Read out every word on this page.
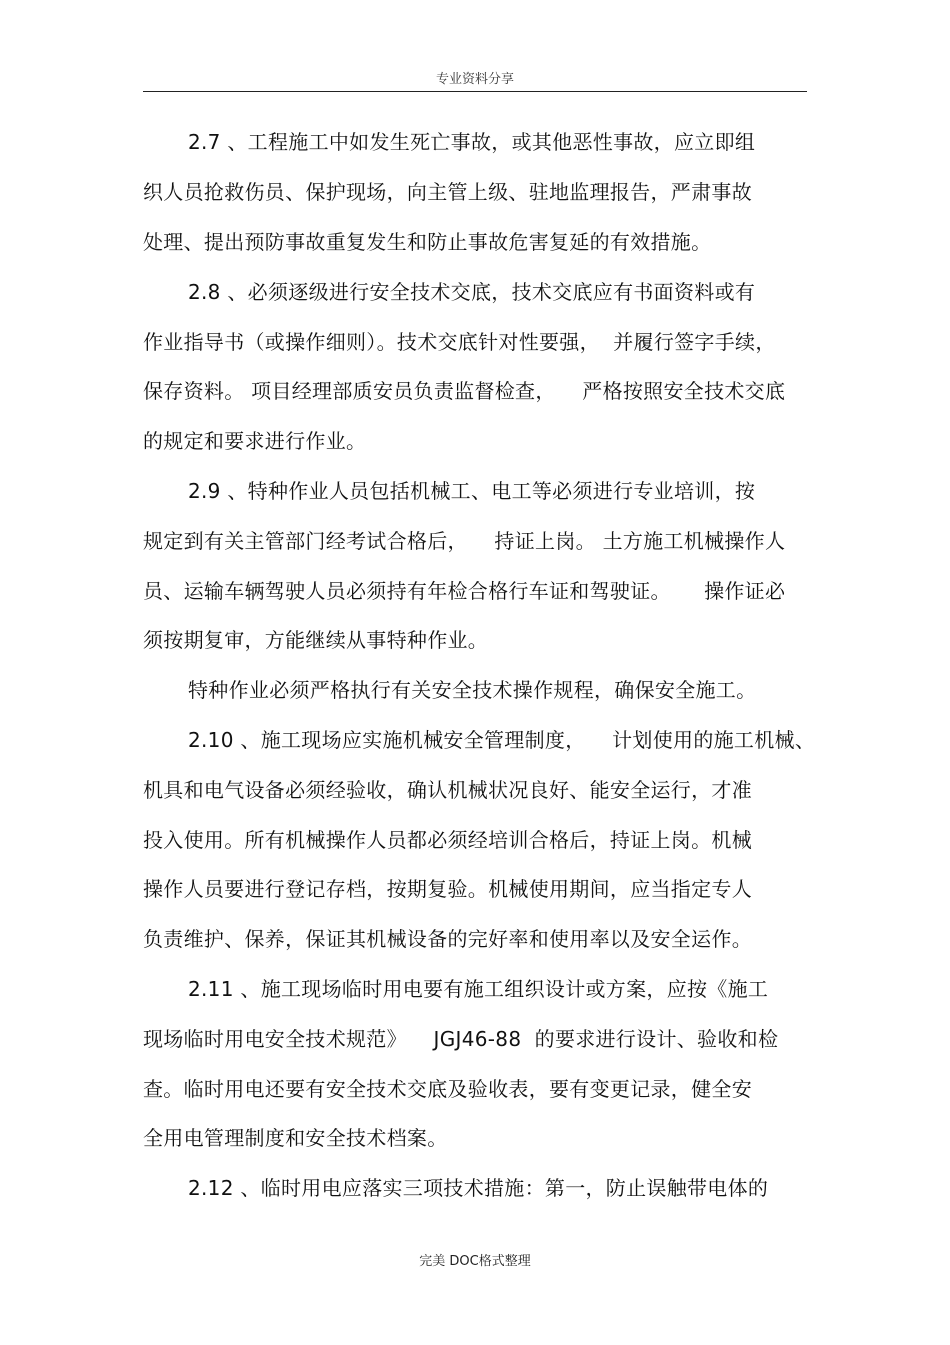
专业资料分享
2.7 、工程施工中如发生死亡事故，或其他恶性事故，应立即组
织人员抢救伤员、保护现场，向主管上级、驻地监理报告，严肃事故
处理、提出预防事故重复发生和防止事故危害复延的有效措施。
2.8 、必须逐级进行安全技术交底，技术交底应有书面资料或有
作业指导书（或操作细则）。技术交底针对性要强，  并履行签字手续，
保存资料。 项目经理部质安员负责监督检查，    严格按照安全技术交底
的规定和要求进行作业。
2.9 、特种作业人员包括机械工、电工等必须进行专业培训，按
规定到有关主管部门经考试合格后，    持证上岗。 土方施工机械操作人
员、运输车辆驾驶人员必须持有年检合格行车证和驾驶证。     操作证必
须按期复审，方能继续从事特种作业。
特种作业必须严格执行有关安全技术操作规程，确保安全施工。
2.10 、施工现场应实施机械安全管理制度，    计划使用的施工机械、
机具和电气设备必须经验收，确认机械状况良好、能安全运行，才准
投入使用。所有机械操作人员都必须经培训合格后，持证上岗。机械
操作人员要进行登记存档，按期复验。机械使用期间，应当指定专人
负责维护、保养，保证其机械设备的完好率和使用率以及安全运作。
2.11 、施工现场临时用电要有施工组织设计或方案，应按《施工
现场临时用电安全技术规范》    JGJ46-88  的要求进行设计、验收和检
查。临时用电还要有安全技术交底及验收表，要有变更记录，健全安
全用电管理制度和安全技术档案。
2.12 、临时用电应落实三项技术措施：第一，防止误触带电体的
完美 DOC格式整理
